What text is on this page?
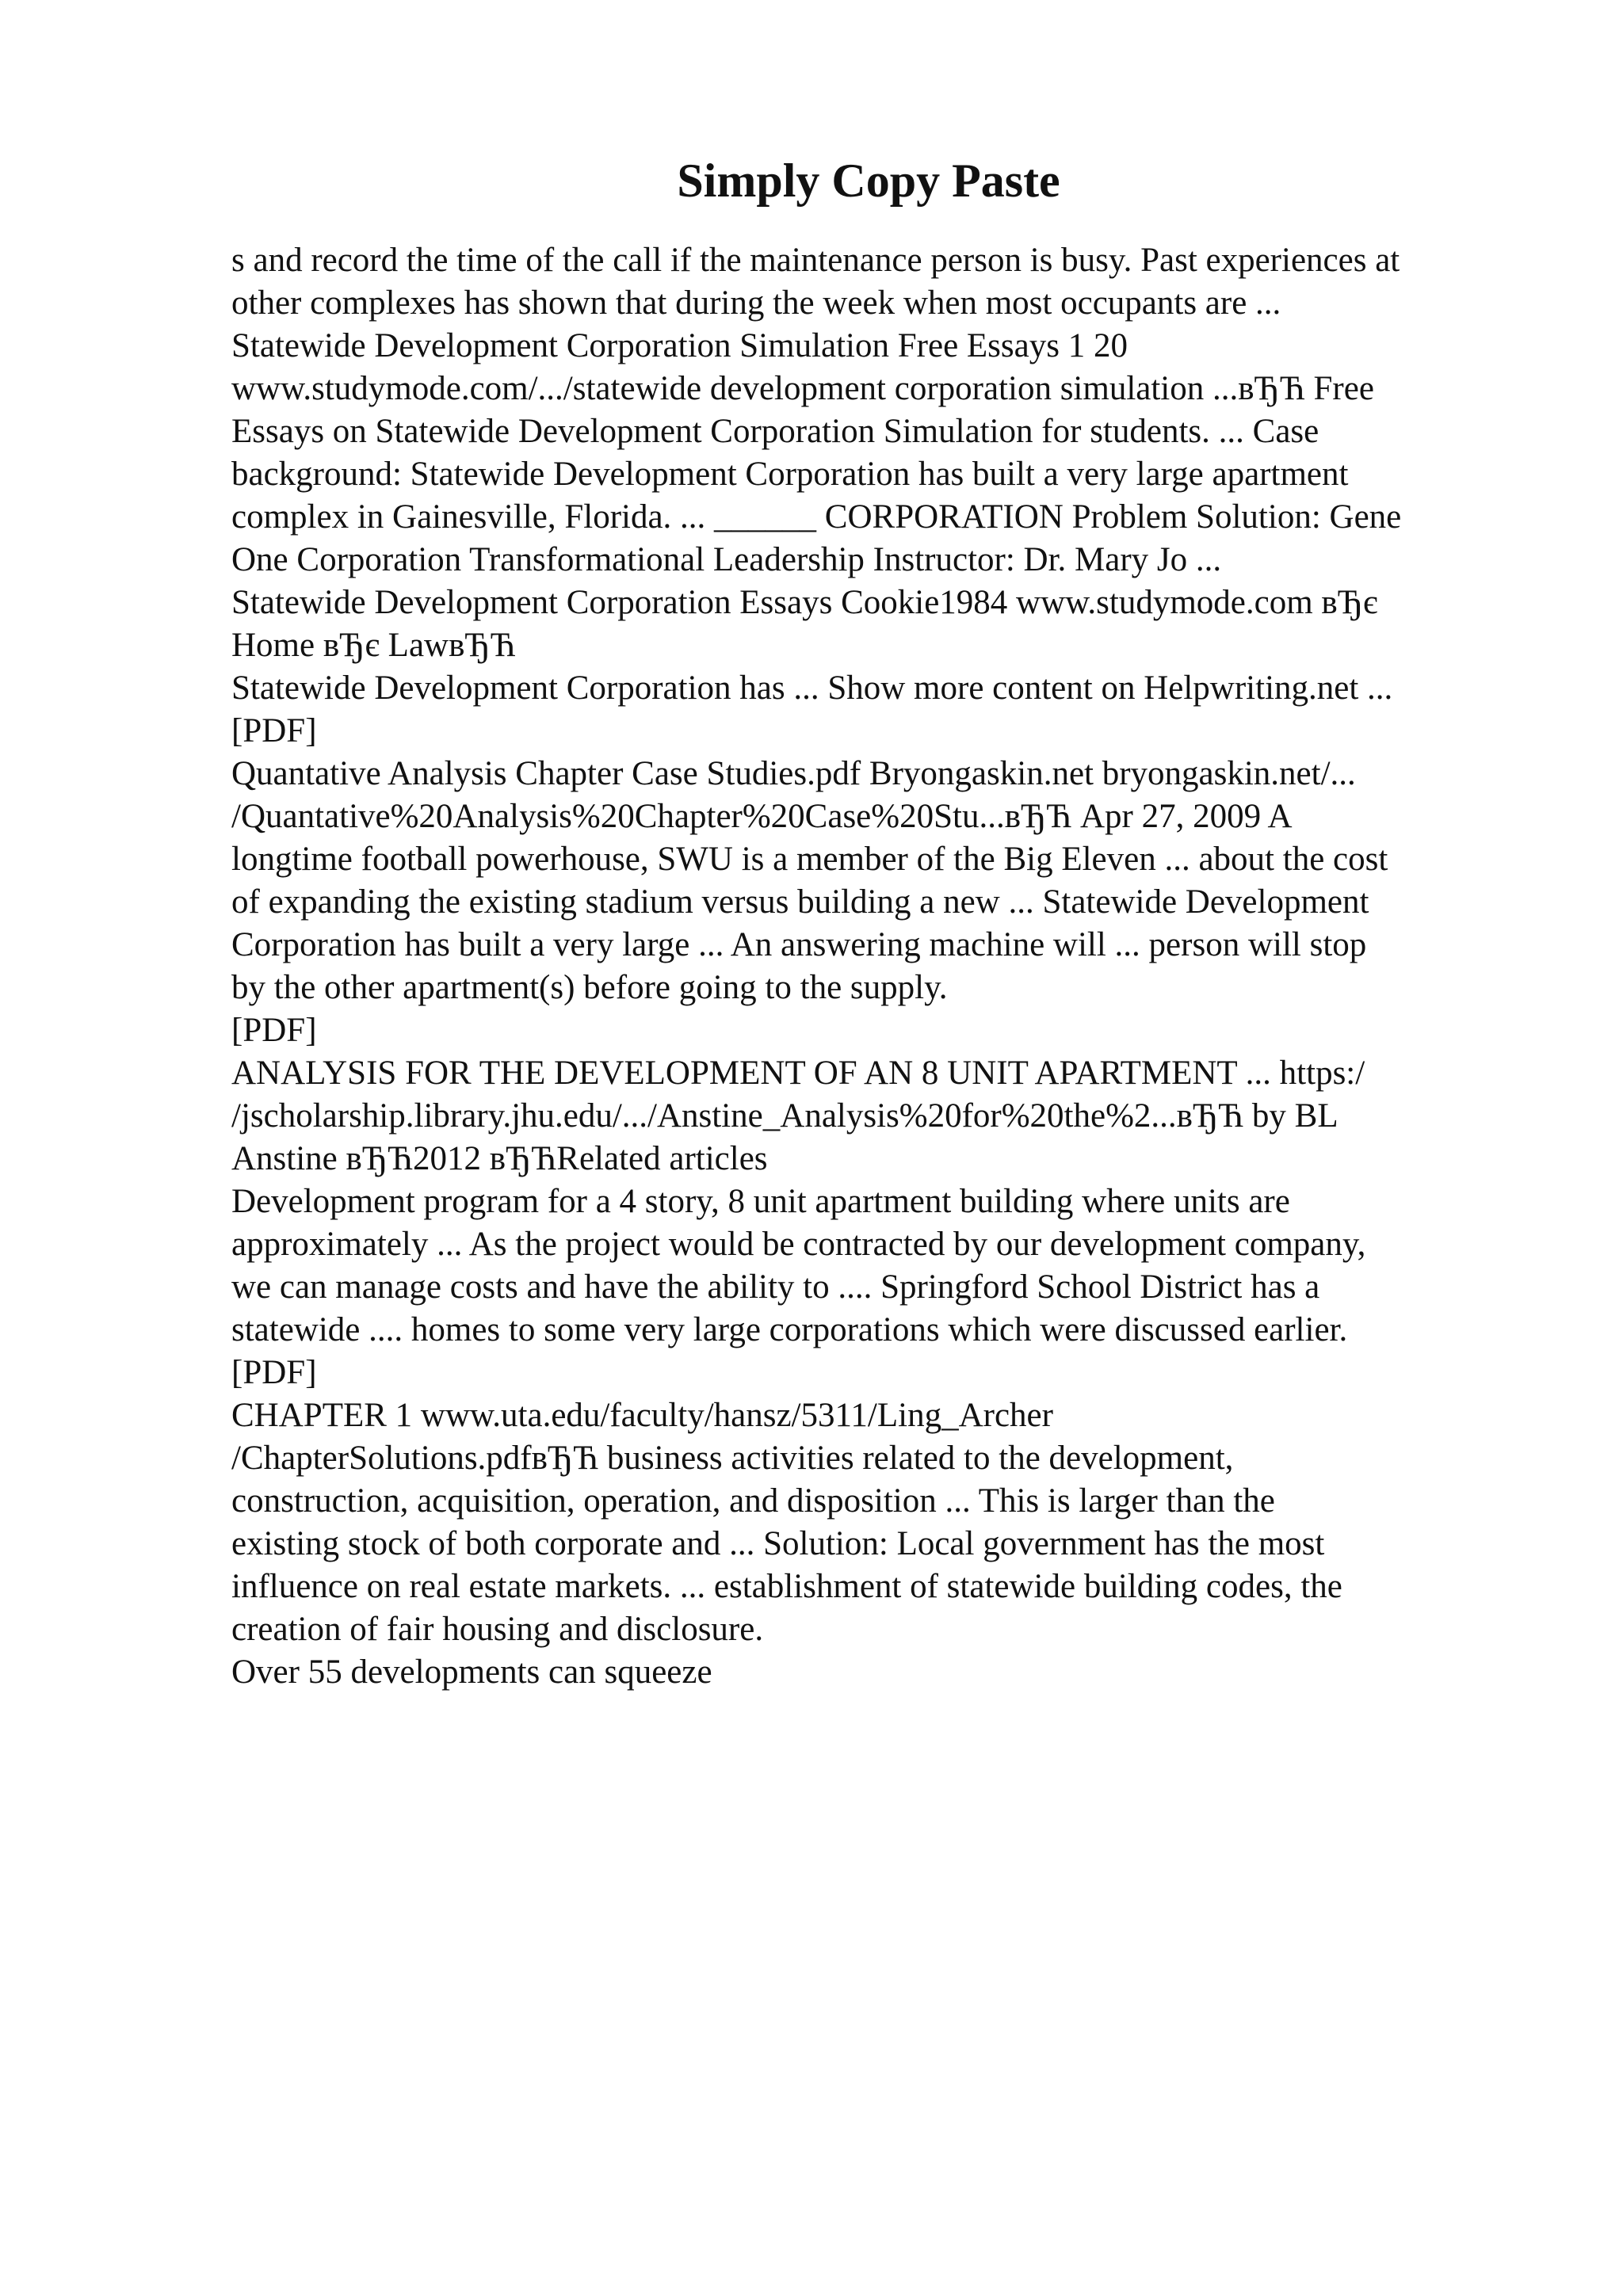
Simply Copy Paste
s and record the time of the call if the maintenance person is busy. Past experiences at
other complexes has shown that during the week when most occupants are ...
Statewide Development Corporation Simulation Free Essays 1 20
www.studymode.com/.../statewide development corporation simulation ...вЂЋ Free
Essays on Statewide Development Corporation Simulation for students. ... Case
background: Statewide Development Corporation has built a very large apartment
complex in Gainesville, Florida. ... ______ CORPORATION Problem Solution: Gene
One Corporation Transformational Leadership Instructor: Dr. Mary Jo ...
Statewide Development Corporation Essays Cookie1984 www.studymode.com вЂє
Home вЂє LawвЂЋ
Statewide Development Corporation has ... Show more content on Helpwriting.net ...
[PDF]
Quantative Analysis Chapter Case Studies.pdf Bryongaskin.net bryongaskin.net/...
/Quantative%20Analysis%20Chapter%20Case%20Stu...вЂЋ Apr 27, 2009 A
longtime football powerhouse, SWU is a member of the Big Eleven ... about the cost
of expanding the existing stadium versus building a new ... Statewide Development
Corporation has built a very large ... An answering machine will ... person will stop
by the other apartment(s) before going to the supply.
[PDF]
ANALYSIS FOR THE DEVELOPMENT OF AN 8 UNIT APARTMENT ... https:/
/jscholarship.library.jhu.edu/.../Anstine_Analysis%20for%20the%2...вЂЋ by BL
Anstine вЂЋ2012 вЂЋRelated articles
Development program for a 4 story, 8 unit apartment building where units are
approximately ... As the project would be contracted by our development company,
we can manage costs and have the ability to .... Springford School District has a
statewide .... homes to some very large corporations which were discussed earlier.
[PDF]
CHAPTER 1 www.uta.edu/faculty/hansz/5311/Ling_Archer
/ChapterSolutions.pdfвЂЋ business activities related to the development,
construction, acquisition, operation, and disposition ... This is larger than the
existing stock of both corporate and ... Solution: Local government has the most
influence on real estate markets. ... establishment of statewide building codes, the
creation of fair housing and disclosure.
Over 55 developments can squeeze
